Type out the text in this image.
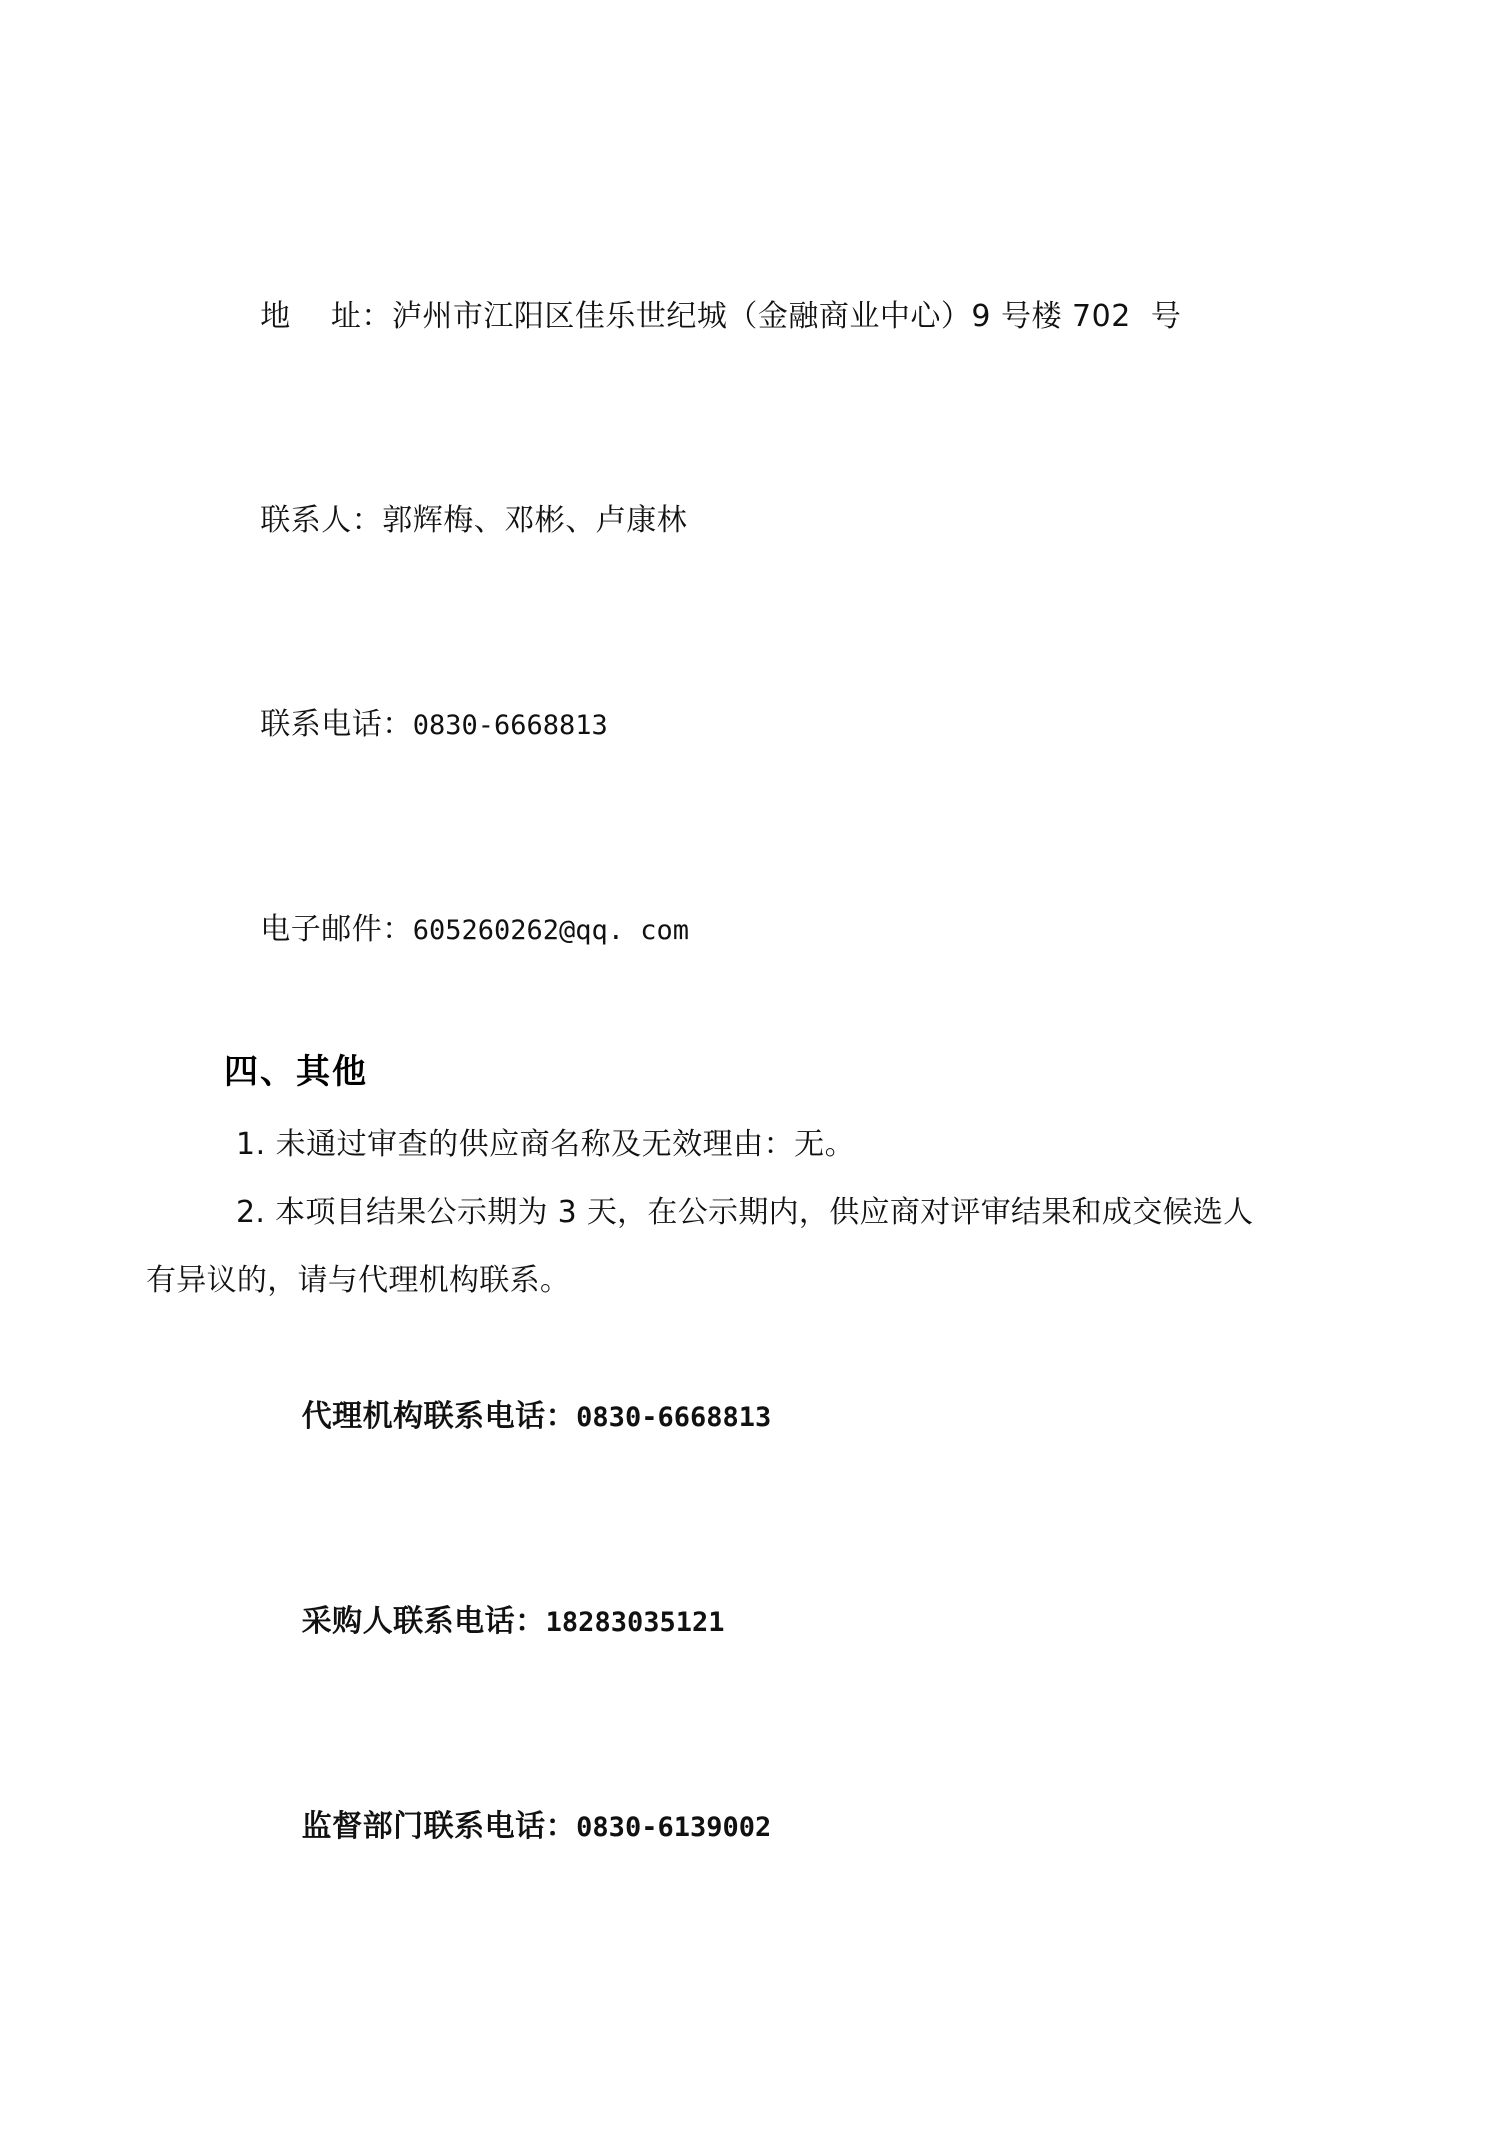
地    址：泸州市江阳区佳乐世纪城（金融商业中心）9 号楼 702  号

联系人：郭辉梅、邓彬、卢康林

联系电话：0830-6668813

电子邮件：605260262@qq. com

四、其他
1. 未通过审查的供应商名称及无效理由：无。
2. 本项目结果公示期为 3 天，在公示期内，供应商对评审结果和成交候选人
有异议的，请与代理机构联系。

代理机构联系电话：0830-6668813

采购人联系电话：18283035121

监督部门联系电话：0830-6139002
